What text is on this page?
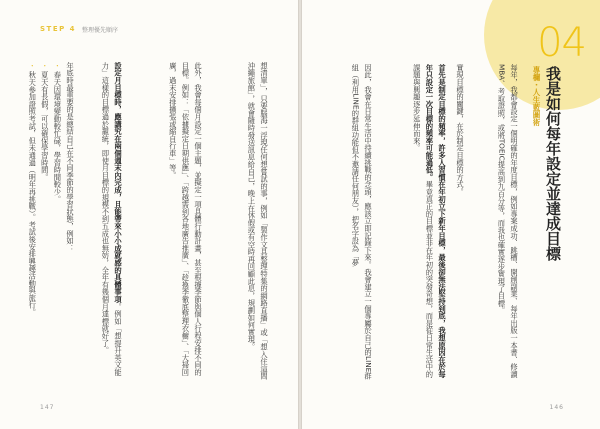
STEP 4 整理優先順序
想清單」，只要腦海一浮現任何想嘗試的事，例如「製作文具整理特集的網路直播」或「想入住這間沖繩旅館」，就會隨時發送訊息給自己，晚上在休假或有空時再回顧此息，規劃如何實現。
此外，我會每個月設定一個主題，並擬定一項具體行動計畫，甚至根據季節與個人行程安排不同的目標。例如：「依據擬定日期供應」、「跨越需到各地廣告推廣」、「趁換季徹底整理衣櫥」、「大掃回廣，過末安排擴張或縮自行車」等。
設定月目標時，應講究在兩個週末內完成，且能帶來小小成就感的具體事項。例如「想提升英文能力」這樣的目標過於籠統，即使月目標的規模不到五成也無妨，全年有幾個月達標就好了。
年底時最重要的是總結自己在不同季節的學習狀態，例如：
・春天因環境變動較忙碌，學習時間較少。
・夏天有長假，可以確保學習時間。
・秋天參加證照考試，但未通過（明年再挑戰）。考試後安排興趣活動與旅行。
147
04
我是如何每年設定並達成目標
專欄・人生藍圖術
每年，我都會設定一個明確的年度目標，例如專案成功、跳槽、開創副業、每年出版一本書、修讀MBA、考取證照，或將TOEIC提高到九百分等，而我也確實逐步實現了目標。
實現目標的關鍵，在於制定目標的方式。
首先是制定目標的頻率，許多人習慣在年初立下新年目標，最後卻無法堅持到底，我想原因在於每年只設定一次目標的頻率可能過低。畢竟真正的目標並非在年初的突發奇想，而是從日常生活中的課題與興趣逐步延伸而來。
因此，我會在日常生活中持續挑戰的念頭，應該立即記錄下來。我會建立一個專屬於自己的LINE群組（利用LINE的群組功能但不邀請任何朋友），把名字設為「夢
146
